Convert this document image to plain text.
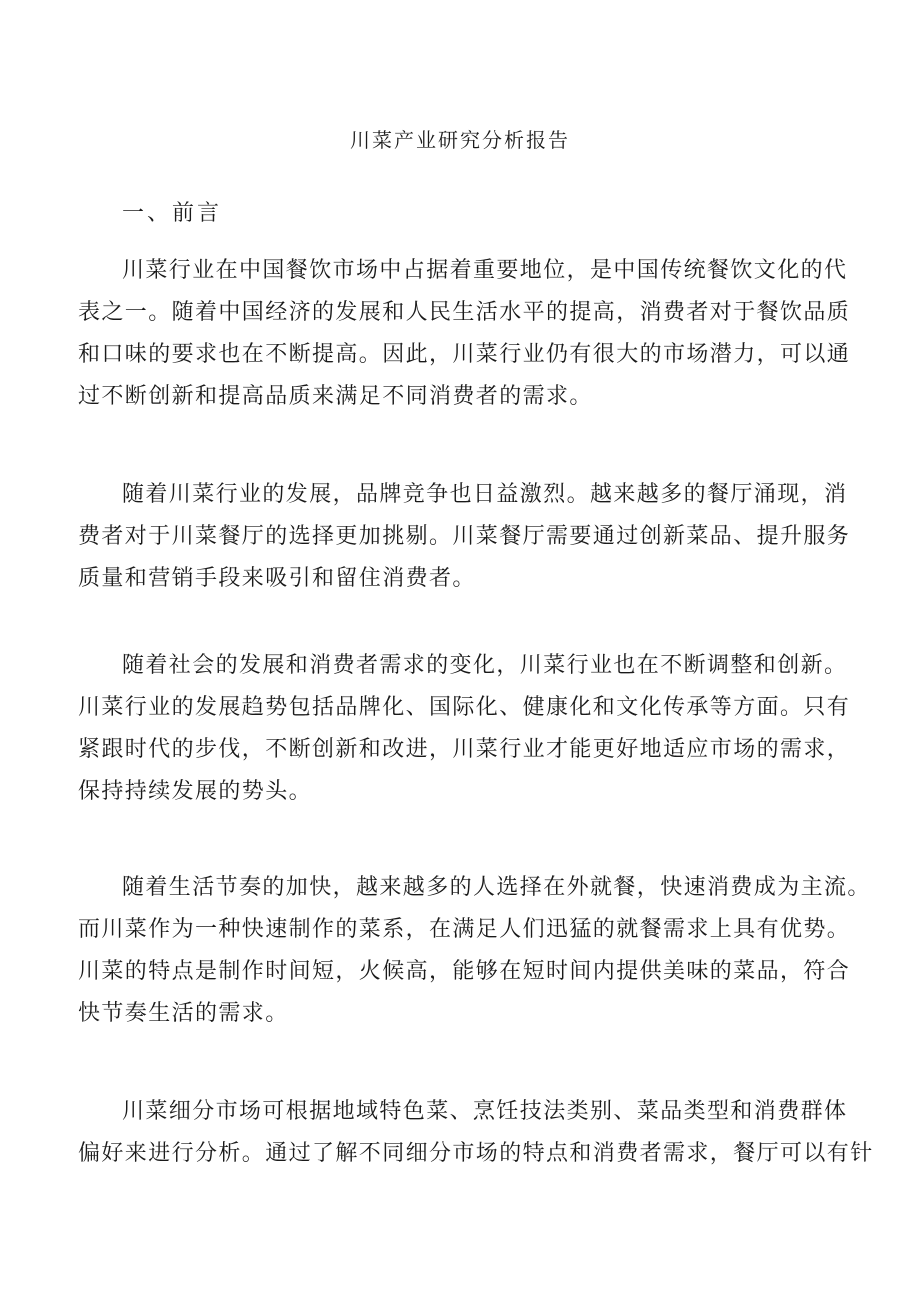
川菜产业研究分析报告
一、前言
川菜行业在中国餐饮市场中占据着重要地位，是中国传统餐饮文化的代
表之一。随着中国经济的发展和人民生活水平的提高，消费者对于餐饮品质
和口味的要求也在不断提高。因此，川菜行业仍有很大的市场潜力，可以通
过不断创新和提高品质来满足不同消费者的需求。
随着川菜行业的发展，品牌竞争也日益激烈。越来越多的餐厅涌现，消
费者对于川菜餐厅的选择更加挑剔。川菜餐厅需要通过创新菜品、提升服务
质量和营销手段来吸引和留住消费者。
随着社会的发展和消费者需求的变化，川菜行业也在不断调整和创新。
川菜行业的发展趋势包括品牌化、国际化、健康化和文化传承等方面。只有
紧跟时代的步伐，不断创新和改进，川菜行业才能更好地适应市场的需求，
保持持续发展的势头。
随着生活节奏的加快，越来越多的人选择在外就餐，快速消费成为主流。
而川菜作为一种快速制作的菜系，在满足人们迅猛的就餐需求上具有优势。
川菜的特点是制作时间短，火候高，能够在短时间内提供美味的菜品，符合
快节奏生活的需求。
川菜细分市场可根据地域特色菜、烹饪技法类别、菜品类型和消费群体
偏好来进行分析。通过了解不同细分市场的特点和消费者需求，餐厅可以有针
